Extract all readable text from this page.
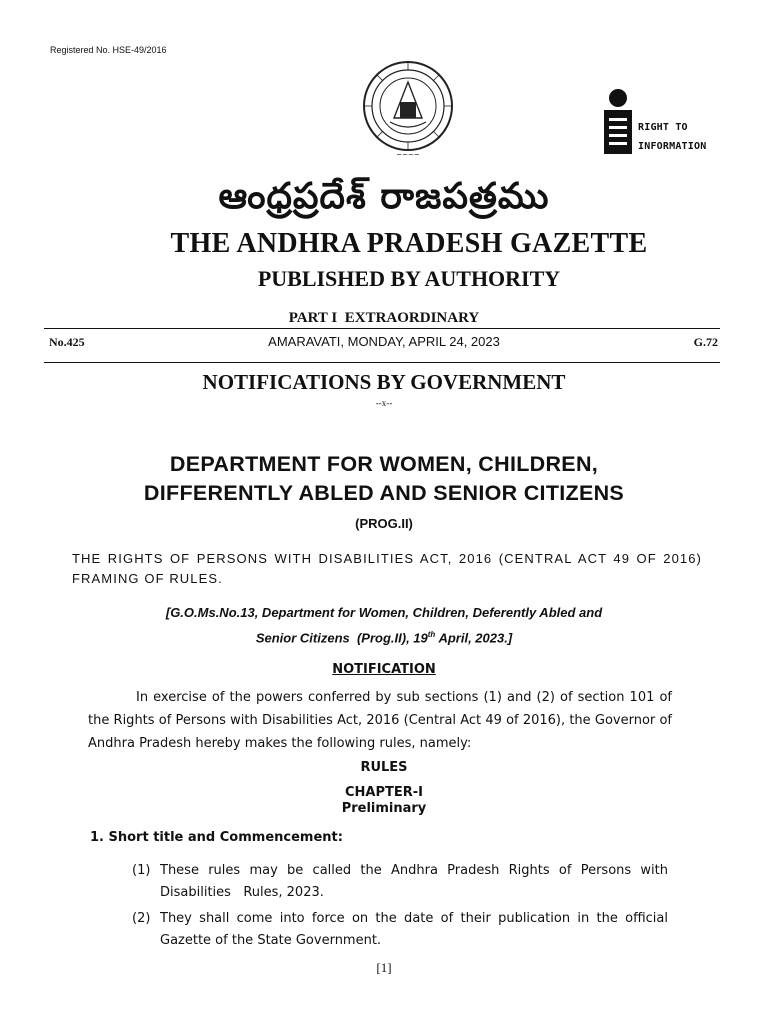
Registered No. HSE-49/2016
~~~~
RIGHT TO
INFORMATION
ఆంధ్రప్రదేశ్ రాజపత్రము
THE ANDHRA PRADESH GAZETTE
PUBLISHED BY AUTHORITY
PART I  EXTRAORDINARY
No.425	AMARAVATI, MONDAY, APRIL 24, 2023	G.72
NOTIFICATIONS BY GOVERNMENT
--x--
DEPARTMENT FOR WOMEN, CHILDREN,
DIFFERENTLY ABLED AND SENIOR CITIZENS
(PROG.II)
THE RIGHTS OF PERSONS WITH DISABILITIES ACT, 2016 (CENTRAL ACT 49 OF 2016) FRAMING OF RULES.
[G.O.Ms.No.13, Department for Women, Children, Deferently Abled and
Senior Citizens  (Prog.II), 19th April, 2023.]
NOTIFICATION
In exercise of the powers conferred by sub sections (1) and (2) of section 101 of the Rights of Persons with Disabilities Act, 2016 (Central Act 49 of 2016), the Governor of Andhra Pradesh hereby makes the following rules, namely:
RULES
CHAPTER-I
Preliminary
1. Short title and Commencement:
(1) These rules may be called the Andhra Pradesh Rights of Persons with Disabilities   Rules, 2023.
(2) They shall come into force on the date of their publication in the official Gazette of the State Government.
[1]
